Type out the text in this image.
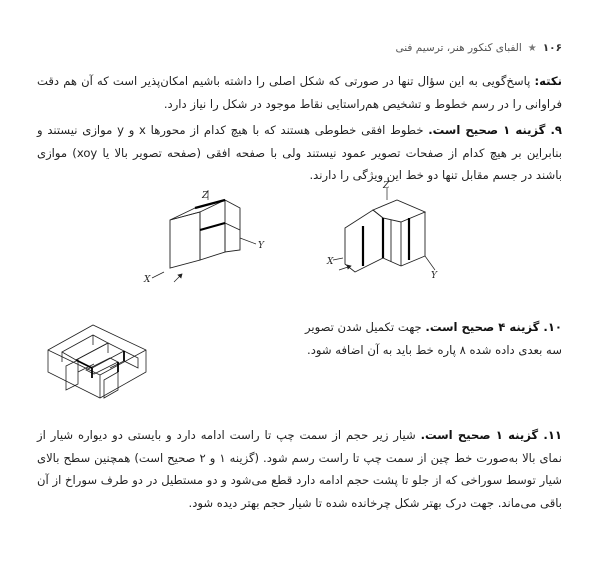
۱۰۶
★
الفبای کنکور هنر، ترسیم فنی
نکته: پاسخ‌گویی به این سؤال تنها در صورتی که شکل اصلی را داشته باشیم امکان‌پذیر است که آن هم دقت فراوانی را در رسم خطوط و تشخیص هم‌راستایی نقاط موجود در شکل را نیاز دارد.
۹. گزینه ۱ صحیح است. خطوط افقی خطوطی هستند که با هیچ کدام از محورها x و y موازی نیستند و بنابراین بر هیچ کدام از صفحات تصویر عمود نیستند ولی با صفحه افقی (صفحه تصویر بالا یا xoy) موازی باشند در جسم مقابل تنها دو خط این ویژگی را دارند.
Z
Y
X
Z
Y
X
۱۰. گزینه ۴ صحیح است. جهت تکمیل شدن تصویر سه بعدی داده شده ۸ پاره خط باید به آن اضافه شود.
۱۱. گزینه ۱ صحیح است. شیار زیر حجم از سمت چپ تا راست ادامه دارد و بایستی دو دیواره شیار از نمای بالا به‌صورت خط چین از سمت چپ تا راست رسم شود. (گزینه ۱ و ۲ صحیح است) همچنین سطح بالای شیار توسط سوراخی که از جلو تا پشت حجم ادامه دارد قطع می‌شود و دو مستطیل در دو طرف سوراخ از آن باقی می‌ماند. جهت درک بهتر شکل چرخانده شده تا شیار حجم بهتر دیده شود.
